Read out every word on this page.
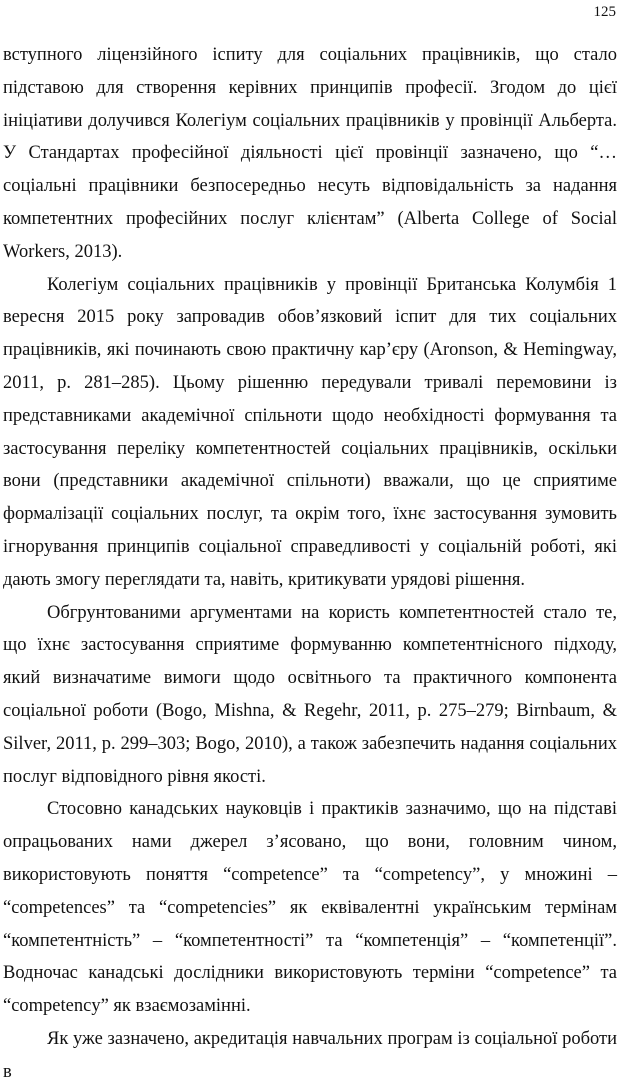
125

вступного ліцензійного іспиту для соціальних працівників, що стало підставою для створення керівних принципів професії. Згодом до цієї ініціативи долучився Колегіум соціальних працівників у провінції Альберта. У Стандартах професійної діяльності цієї провінції зазначено, що “…соціальні працівники безпосередньо несуть відповідальність за надання компетентних професійних послуг клієнтам” (Alberta College of Social Workers, 2013).

Колегіум соціальних працівників у провінції Британська Колумбія 1 вересня 2015 року запровадив обов’язковий іспит для тих соціальних працівників, які починають свою практичну кар’єру (Aronson, & Hemingway, 2011, p. 281–285). Цьому рішенню передували тривалі перемовини із представниками академічної спільноти щодо необхідності формування та застосування переліку компетентностей соціальних працівників, оскільки вони (представники академічної спільноти) вважали, що це сприятиме формалізації соціальних послуг, та окрім того, їхнє застосування зумовить ігнорування принципів соціальної справедливості у соціальній роботі, які дають змогу переглядати та, навіть, критикувати урядові рішення.

Обгрунтованими аргументами на користь компетентностей стало те, що їхнє застосування сприятиме формуванню компетентнісного підходу, який визначатиме вимоги щодо освітнього та практичного компонента соціальної роботи (Bogo, Mishna, & Regehr, 2011, p. 275–279; Birnbaum, & Silver, 2011, p. 299–303; Bogo, 2010), а також забезпечить надання соціальних послуг відповідного рівня якості.

Стосовно канадських науковців і практиків зазначимо, що на підставі опрацьованих нами джерел з’ясовано, що вони, головним чином, використовують поняття “competence” та “competency”, у множині – “competences” та “competencies” як еквівалентні українським термінам “компетентність” – “компетентності” та “компетенція” – “компетенції”. Водночас канадські дослідники використовують терміни “competence” та “competency” як взаємозамінні.

Як уже зазначено, акредитація навчальних програм із соціальної роботи в
